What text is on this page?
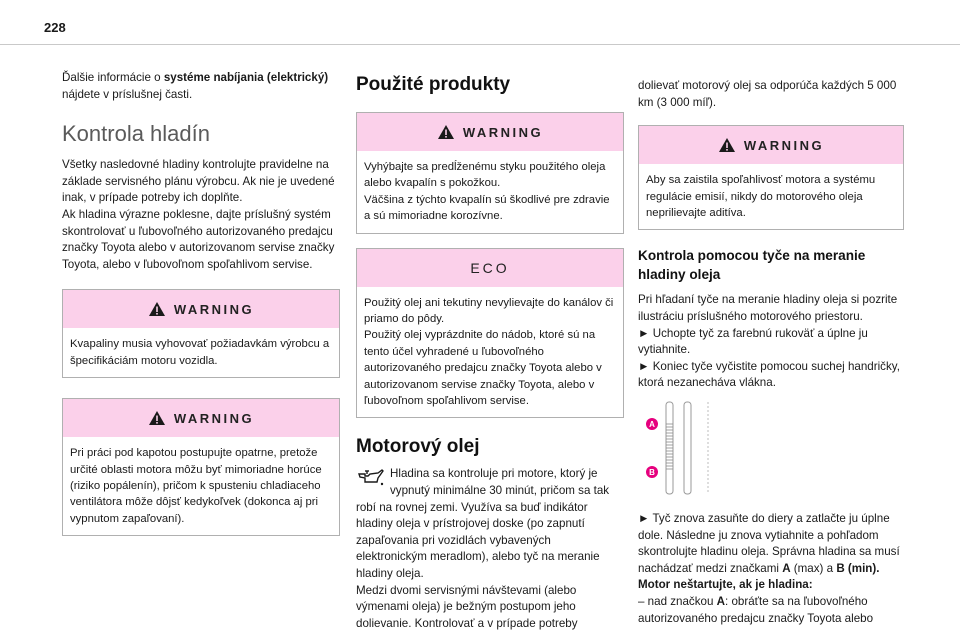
228

Ďalšie informácie o systéme nabíjania (elektrický) nájdete v príslušnej časti.

Kontrola hladín

Všetky nasledovné hladiny kontrolujte pravidelne na základe servisného plánu výrobcu. Ak nie je uvedené inak, v prípade potreby ich doplňte.
Ak hladina výrazne poklesne, dajte príslušný systém skontrolovať u ľubovoľného autorizovaného predajcu značky Toyota alebo v autorizovanom servise značky Toyota, alebo v ľubovoľnom spoľahlivom servise.

WARNING
Kvapaliny musia vyhovovať požiadavkám výrobcu a špecifikáciám motoru vozidla.
WARNING
Pri práci pod kapotou postupujte opatrne, pretože určité oblasti motora môžu byť mimoriadne horúce (riziko popálenín), pričom k spusteniu chladiaceho ventilátora môže dôjsť kedykoľvek (dokonca aj pri vypnutom zapaľovaní).
Použité produkty
WARNING
Vyhýbajte sa predĺženému styku použitého oleja alebo kvapalín s pokožkou.
Väčšina z týchto kvapalín sú škodlivé pre zdravie a sú mimoriadne korozívne.
ECO
Použitý olej ani tekutiny nevylievajte do kanálov či priamo do pôdy.
Použitý olej vyprázdnite do nádob, ktoré sú na tento účel vyhradené u ľubovoľného autorizovaného predajcu značky Toyota alebo v autorizovanom servise značky Toyota, alebo v ľubovoľnom spoľahlivom servise.
Motorový olej

Hladina sa kontroluje pri motore, ktorý je vypnutý minimálne 30 minút, pričom sa tak robí na rovnej zemi. Využíva sa buď indikátor hladiny oleja v prístrojovej doske (po zapnutí zapaľovania pri vozidlách vybavených elektronickým meradlom), alebo tyč na meranie hladiny oleja.
Medzi dvomi servisnými návštevami (alebo výmenami oleja) je bežným postupom jeho dolievanie. Kontrolovať a v prípade potreby

dolievať motorový olej sa odporúča každých 5 000 km (3 000 míľ).

WARNING
Aby sa zaistila spoľahlivosť motora a systému regulácie emisií, nikdy do motorového oleja neprilievajte aditíva.
Kontrola pomocou tyče na meranie hladiny oleja

Pri hľadaní tyče na meranie hladiny oleja si pozrite ilustráciu príslušného motorového priestoru.
► Uchopte tyč za farebnú rukoväť a úplne ju vytiahnite.
► Koniec tyče vyčistite pomocou suchej handričky, ktorá nezanecháva vlákna.

A
B

► Tyč znova zasuňte do diery a zatlačte ju úplne dole. Následne ju znova vytiahnite a pohľadom skontrolujte hladinu oleja. Správna hladina sa musí nachádzať medzi značkami A (max) a B (min).

Motor neštartujte, ak je hladina:

– nad značkou A: obráťte sa na ľubovoľného autorizovaného predajcu značky Toyota alebo
